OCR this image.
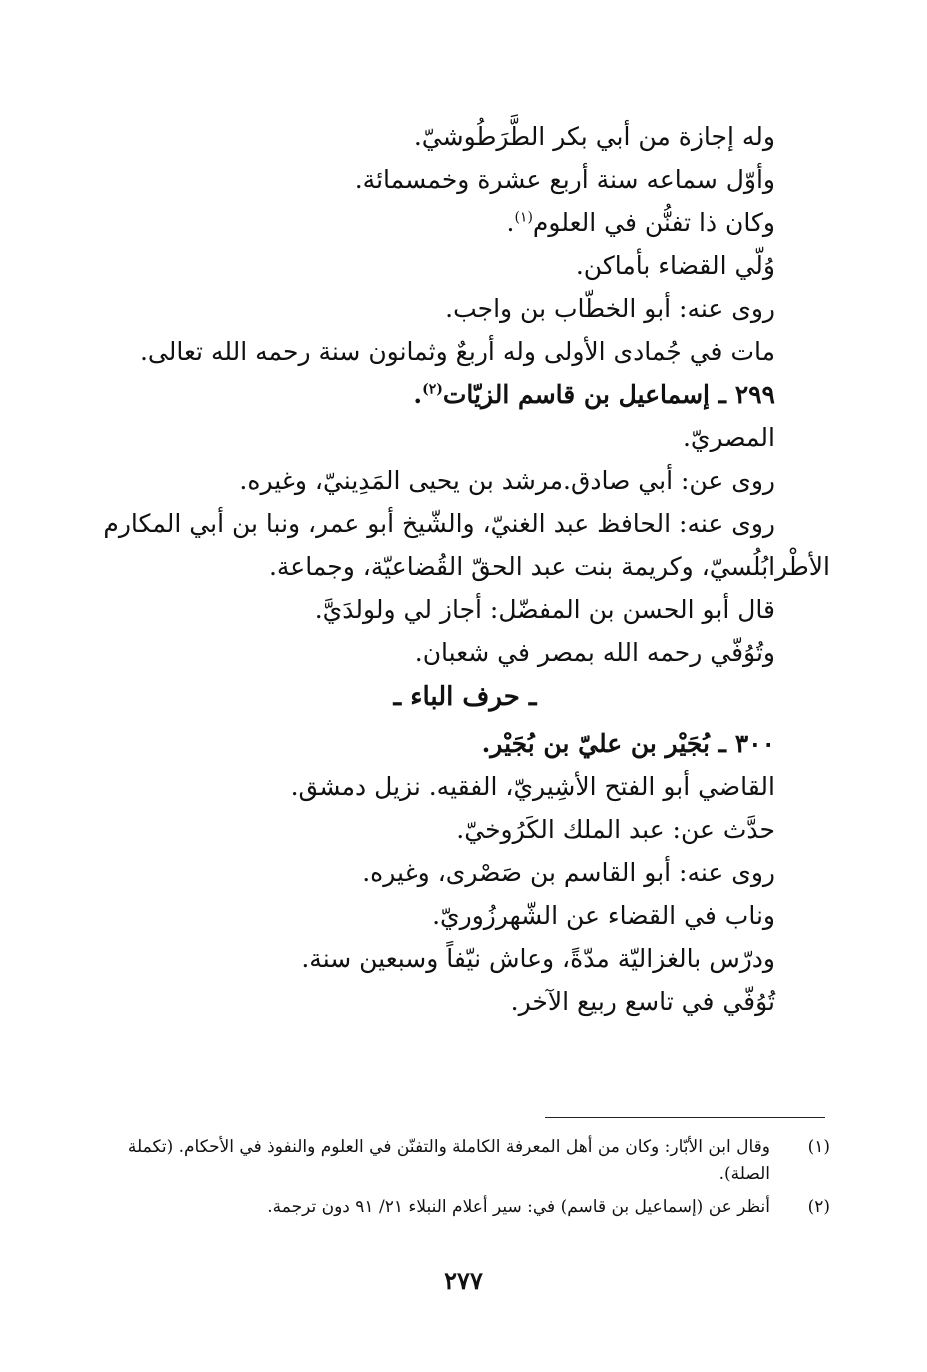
وله إجازة من أبي بكر الطَّرَطُوشيّ.
وأوّل سماعه سنة أربع عشرة وخمسمائة.
وكان ذا تفنُّن في العلوم$^{(١)}$.
وُلّي القضاء بأماكن.
روى عنه: أبو الخطّاب بن واجب.
مات في جُمادى الأولى وله أربعٌ وثمانون سنة رحمه الله تعالى.
٢٩٩ ـ إسماعيل بن قاسم الزيّات$^{(٢)}$.
المصريّ.
روى عن: أبي صادق.مرشد بن يحيى المَدِينيّ، وغيره.
روى عنه: الحافظ عبد الغنيّ، والشّيخ أبو عمر، ونبا بن أبي المكارم
الأطْرابُلُسيّ، وكريمة بنت عبد الحقّ القُضاعيّة، وجماعة.
قال أبو الحسن بن المفضّل: أجاز لي ولولدَيَّ.
وتُوُفّي رحمه الله بمصر في شعبان.
ـ حرف الباء ـ
٣٠٠ ـ بُجَيْر بن عليّ بن بُجَيْر.
القاضي أبو الفتح الأشِيريّ، الفقيه. نزيل دمشق.
حدَّث عن: عبد الملك الكَرُوخيّ.
روى عنه: أبو القاسم بن صَصْرى، وغيره.
وناب في القضاء عن الشّهرزُوريّ.
ودرّس بالغزاليّة مدّةً، وعاش نيّفاً وسبعين سنة.
تُوُفّي في تاسع ربيع الآخر.
(١)
وقال ابن الأبّار: وكان من أهل المعرفة الكاملة والتفنّن في العلوم والنفوذ في الأحكام. (تكملة الصلة).
(٢)
أنظر عن (إسماعيل بن قاسم) في: سير أعلام النبلاء ٢١/ ٩١ دون ترجمة.
٢٧٧
